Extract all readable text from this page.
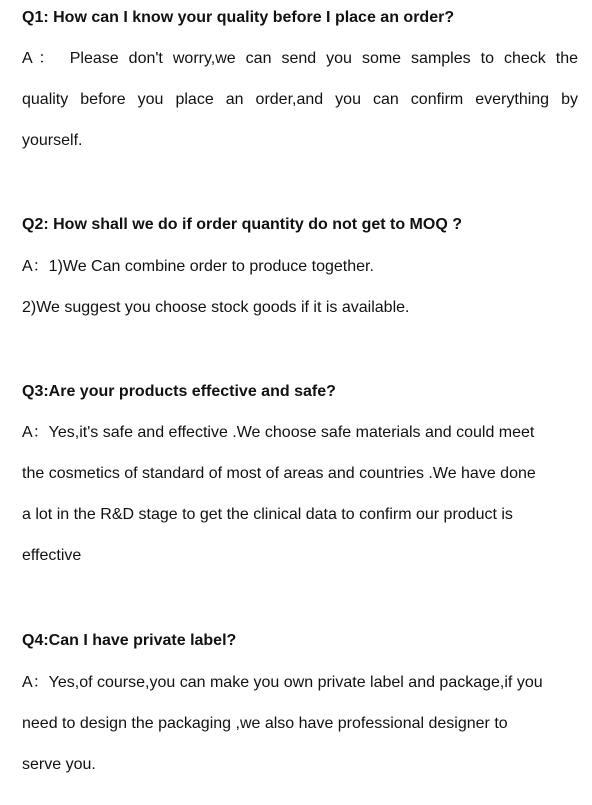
Q1: How can I know your quality before I place an order?

A： Please don't worry,we can send you some samples to check the
quality before you place an order,and you can confirm everything by
yourself.

Q2: How shall we do if order quantity do not get to MOQ ?

A：1)We Can combine order to produce together.
2)We suggest you choose stock goods if it is available.

Q3:Are your products effective and safe?

A：Yes,it's safe and effective .We choose safe materials and could meet
the cosmetics of standard of most of areas and countries .We have done
a lot in the R&D stage to get the clinical data to confirm our product is
effective

Q4:Can I have private label?

A：Yes,of course,you can make you own private label and package,if you
need to design the packaging ,we also have professional designer to
serve you.
